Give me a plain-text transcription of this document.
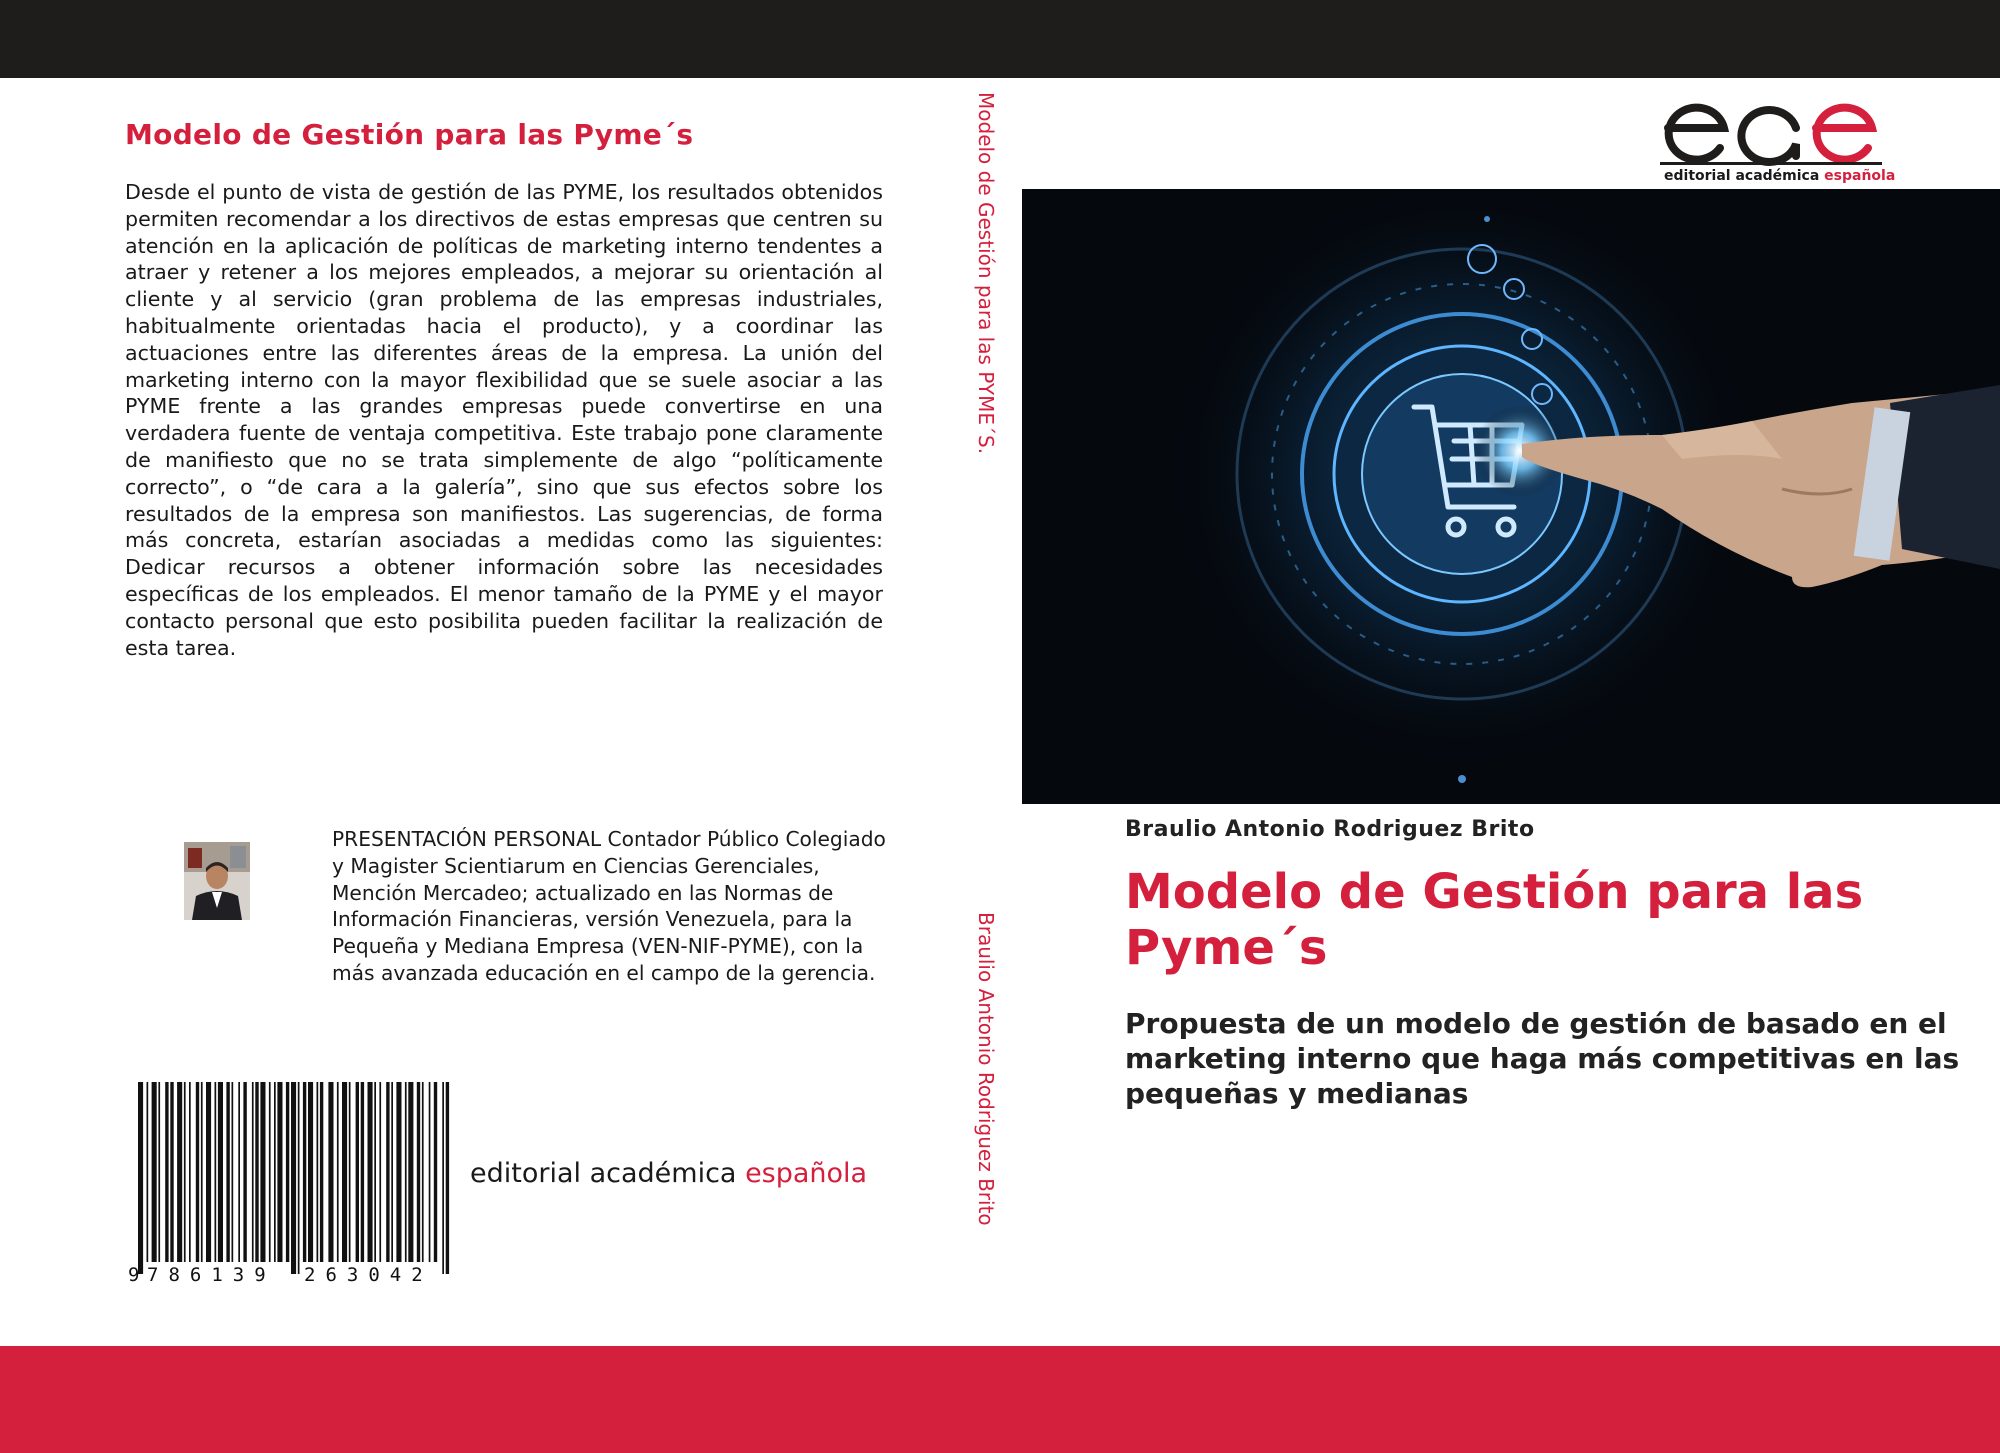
Modelo de Gestión para las Pyme´s

Desde el punto de vista de gestión de las PYME, los resultados obtenidos permiten recomendar a los directivos de estas empresas que centren su atención en la aplicación de políticas de marketing interno tendentes a atraer y retener a los mejores empleados, a mejorar su orientación al cliente y al servicio (gran problema de las empresas industriales, habitualmente orientadas hacia el producto), y a coordinar las actuaciones entre las diferentes áreas de la empresa. La unión del marketing interno con la mayor flexibilidad que se suele asociar a las PYME frente a las grandes empresas puede convertirse en una verdadera fuente de ventaja competitiva. Este trabajo pone claramente de manifiesto que no se trata simplemente de algo “políticamente correcto”, o “de cara a la galería”, sino que sus efectos sobre los resultados de la empresa son manifiestos. Las sugerencias, de forma más concreta, estarían asociadas a medidas como las siguientes: Dedicar recursos a obtener información sobre las necesidades específicas de los empleados. El menor tamaño de la PYME y el mayor contacto personal que esto posibilita pueden facilitar la realización de esta tarea.

PRESENTACIÓN PERSONAL Contador Público Colegiado y Magister Scientiarum en Ciencias Gerenciales, Mención Mercadeo; actualizado en las Normas de Información Financieras, versión Venezuela, para la Pequeña y Mediana Empresa (VEN-NIF-PYME), con la más avanzada educación en el campo de la gerencia.

9 786139 263042
editorial académica española
Modelo de Gestión para las PYME´S.
Braulio Antonio Rodriguez Brito
editorial académica española
Braulio Antonio Rodriguez Brito
Modelo de Gestión para las Pyme´s

Propuesta de un modelo de gestión de basado en el marketing interno que haga más competitivas en las pequeñas y medianas
